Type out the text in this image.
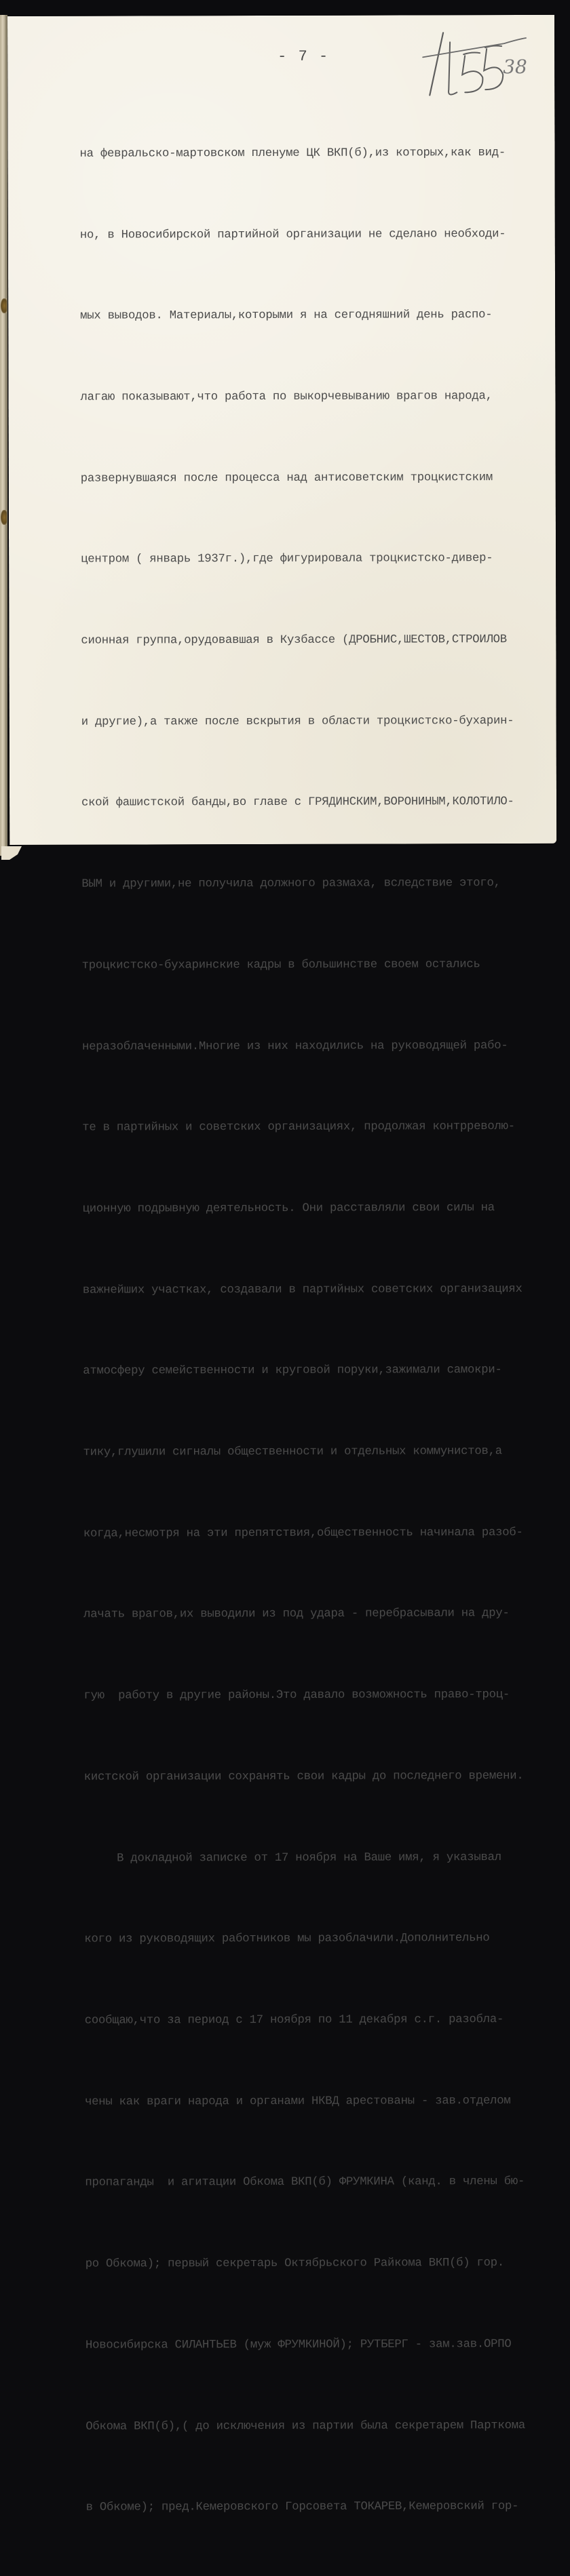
- 7 -	38

на февральско-мартовском пленуме ЦК ВКП(б),из которых,как вид-

но, в Новосибирской партийной организации не сделано необходи-

мых выводов. Материалы,которыми я на сегодняшний день распо-

лагаю показывают,что работа по выкорчевыванию врагов народа,

развернувшаяся после процесса над антисоветским троцкистским

центром ( январь 1937г.),где фигурировала троцкистско-дивер-

сионная группа,орудовавшая в Кузбассе (ДРОБНИС,ШЕСТОВ,СТРОИЛОВ

и другие),а также после вскрытия в области троцкистско-бухарин-

ской фашистской банды,во главе с ГРЯДИНСКИМ,ВОРОНИНЫМ,КОЛОТИЛО-

ВЫМ и другими,не получила должного размаха, вследствие этого,

троцкистско-бухаринские кадры в большинстве своем остались

неразоблаченными.Многие из них находились на руководящей рабо-

те в партийных и советских организациях, продолжая контрреволю-

ционную подрывную деятельность. Они расставляли свои силы на

важнейших участках, создавали в партийных советских организациях

атмосферу семейственности и круговой поруки,зажимали самокри-

тику,глушили сигналы общественности и отдельных коммунистов,а

когда,несмотря на эти препятствия,общественность начинала разоб-

лачать врагов,их выводили из под удара - перебрасывали на дру-

гую  работу в другие районы.Это давало возможность право-троц-

кистской организации сохранять свои кадры до последнего времени.

В докладной записке от 17 ноября на Ваше имя, я указывал

кого из руководящих работников мы разоблачили.Дополнительно

сообщаю,что за период с 17 ноября по 11 декабря с.г. разобла-

чены как враги народа и органами НКВД арестованы - зав.отделом

пропаганды  и агитации Обкома ВКП(б) ФРУМКИНА (канд. в члены бю-

ро Обкома); первый секретарь Октябрьского Райкома ВКП(б) гор.

Новосибирска СИЛАНТЬЕВ (муж ФРУМКИНОЙ); РУТБЕРГ - зам.зав.ОРПО

Обкома ВКП(б),( до исключения из партии была секретарем Парткома

в Обкоме); пред.Кемеровского Горсовета ТОКАРЕВ,Кемеровский гор-
